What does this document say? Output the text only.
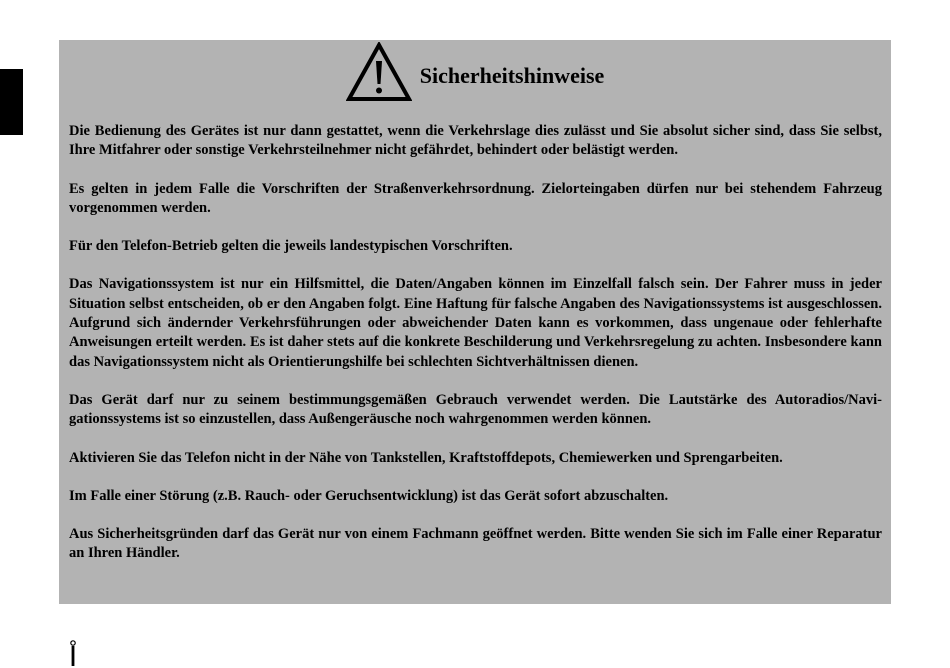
Sicherheitshinweise

Die Bedienung des Gerätes ist nur dann gestattet, wenn die Verkehrslage dies zulässt und Sie absolut sicher sind, dass Sie selbst, Ihre Mitfahrer oder sonstige Verkehrsteilnehmer nicht gefährdet, behindert oder belästigt werden.

Es gelten in jedem Falle die Vorschriften der Straßenverkehrsordnung. Zielorteingaben dürfen nur bei stehendem Fahrzeug vorgenommen werden.

Für den Telefon-Betrieb gelten die jeweils landestypischen Vorschriften.

Das Navigationssystem ist nur ein Hilfsmittel, die Daten/Angaben können im Einzelfall falsch sein. Der Fahrer muss in jeder Situation selbst entscheiden, ob er den Angaben folgt. Eine Haftung für falsche Angaben des Navigationssystems ist ausgeschlossen. Aufgrund sich ändernder Verkehrsführungen oder abweichender Daten kann es vorkommen, dass ungenaue oder fehlerhafte Anweisungen erteilt werden. Es ist daher stets auf die konkrete Beschilderung und Verkehrsregelung zu achten. Insbesondere kann das Navigationssystem nicht als Orientierungshilfe bei schlechten Sichtverhältnissen dienen.

Das Gerät darf nur zu seinem bestimmungsgemäßen Gebrauch verwendet werden. Die Lautstärke des Autoradios/Navigationssystems ist so einzustellen, dass Außengeräusche noch wahrgenommen werden können.

Aktivieren Sie das Telefon nicht in der Nähe von Tankstellen, Kraftstoffdepots, Chemiewerken und Sprengarbeiten.

Im Falle einer Störung (z.B. Rauch- oder Geruchsentwicklung) ist das Gerät sofort abzuschalten.

Aus Sicherheitsgründen darf das Gerät nur von einem Fachmann geöffnet werden. Bitte wenden Sie sich im Falle einer Reparatur an Ihren Händler.
